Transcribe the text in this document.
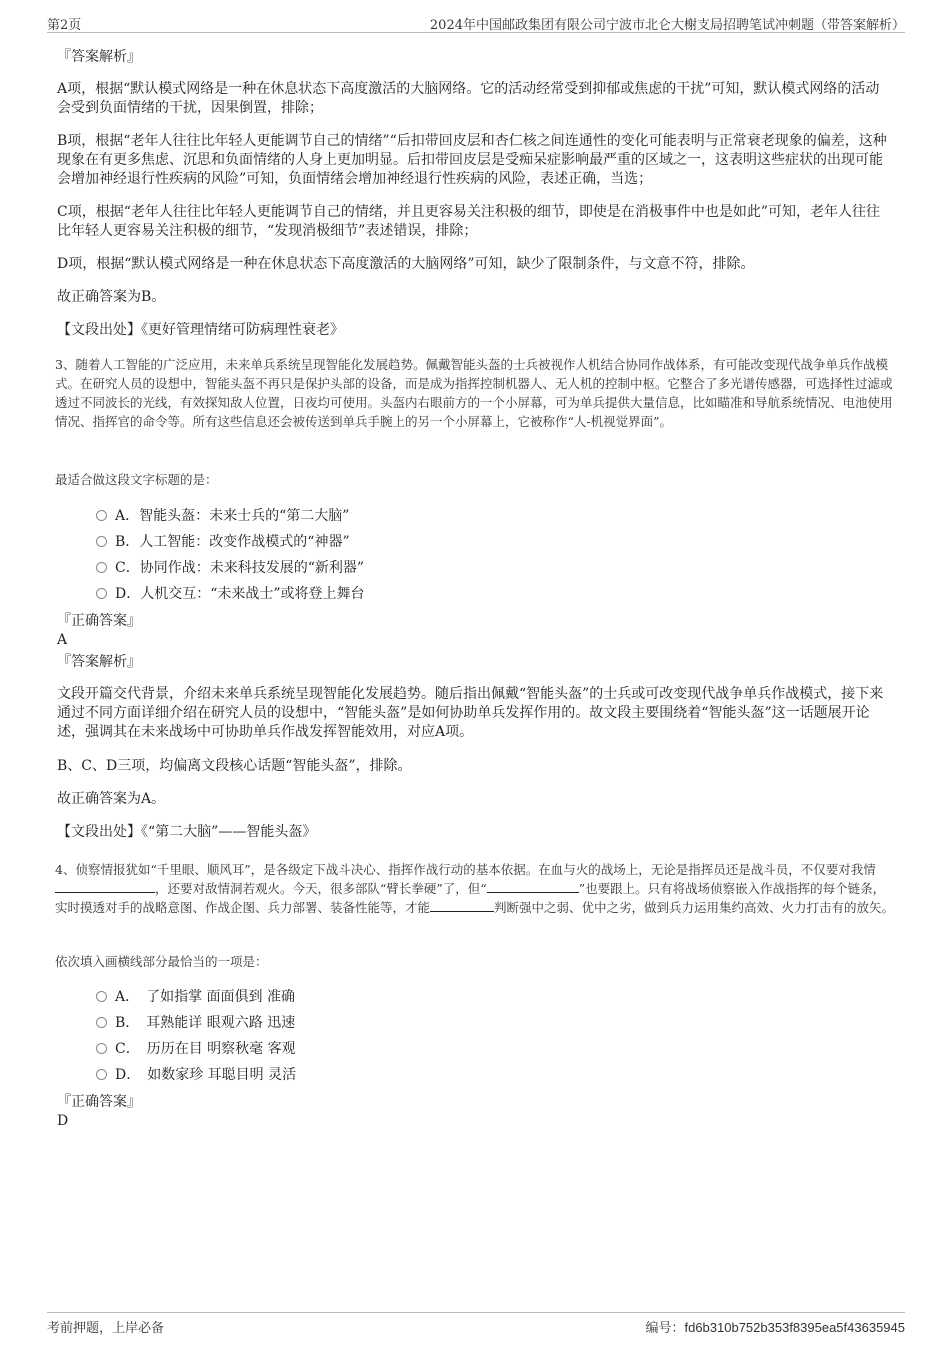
第2页	2024年中国邮政集团有限公司宁波市北仑大榭支局招聘笔试冲刺题（带答案解析）

『答案解析』

A项，根据“默认模式网络是一种在休息状态下高度激活的大脑网络。它的活动经常受到抑郁或焦虑的干扰”可知，默认模式网络的活动会受到负面情绪的干扰，因果倒置，排除；

B项，根据“老年人往往比年轻人更能调节自己的情绪”“后扣带回皮层和杏仁核之间连通性的变化可能表明与正常衰老现象的偏差，这种现象在有更多焦虑、沉思和负面情绪的人身上更加明显。后扣带回皮层是受痴呆症影响最严重的区域之一，这表明这些症状的出现可能会增加神经退行性疾病的风险”可知，负面情绪会增加神经退行性疾病的风险，表述正确，当选；

C项，根据“老年人往往比年轻人更能调节自己的情绪，并且更容易关注积极的细节，即使是在消极事件中也是如此”可知，老年人往往比年轻人更容易关注积极的细节，“发现消极细节”表述错误，排除；

D项，根据“默认模式网络是一种在休息状态下高度激活的大脑网络”可知，缺少了限制条件，与文意不符，排除。

故正确答案为B。

【文段出处】《更好管理情绪可防病理性衰老》

3、随着人工智能的广泛应用，未来单兵系统呈现智能化发展趋势。佩戴智能头盔的士兵被视作人机结合协同作战体系，有可能改变现代战争单兵作战模式。在研究人员的设想中，智能头盔不再只是保护头部的设备，而是成为指挥控制机器人、无人机的控制中枢。它整合了多光谱传感器，可选择性过滤或透过不同波长的光线，有效探知敌人位置，日夜均可使用。头盔内右眼前方的一个小屏幕，可为单兵提供大量信息，比如瞄准和导航系统情况、电池使用情况、指挥官的命令等。所有这些信息还会被传送到单兵手腕上的另一个小屏幕上，它被称作“人-机视觉界面”。

最适合做这段文字标题的是：

A．智能头盔：未来士兵的“第二大脑”
B．人工智能：改变作战模式的“神器”
C．协同作战：未来科技发展的“新利器”
D．人机交互：“未来战士”或将登上舞台

『正确答案』

A

『答案解析』

文段开篇交代背景，介绍未来单兵系统呈现智能化发展趋势。随后指出佩戴“智能头盔”的士兵或可改变现代战争单兵作战模式，接下来通过不同方面详细介绍在研究人员的设想中，“智能头盔”是如何协助单兵发挥作用的。故文段主要围绕着“智能头盔”这一话题展开论述，强调其在未来战场中可协助单兵作战发挥智能效用，对应A项。

B、C、D三项，均偏离文段核心话题“智能头盔”，排除。

故正确答案为A。

【文段出处】《“第二大脑”——智能头盔》

4、侦察情报犹如“千里眼、顺风耳”，是各级定下战斗决心、指挥作战行动的基本依据。在血与火的战场上，无论是指挥员还是战斗员，不仅要对我情，还要对敌情洞若观火。今天，很多部队“臂长拳硬”了，但“	”也要跟上。只有将战场侦察嵌入作战指挥的每个链条，实时摸透对手的战略意图、作战企图、兵力部署、装备性能等，才能	判断强中之弱、优中之劣，做到兵力运用集约高效、火力打击有的放矢。

依次填入画横线部分最恰当的一项是：

A．　了如指掌 面面俱到 准确
B．　耳熟能详 眼观六路 迅速
C．　历历在目 明察秋毫 客观
D．　如数家珍 耳聪目明 灵活

『正确答案』

D

考前押题，上岸必备	编号：fd6b310b752b353f8395ea5f43635945
